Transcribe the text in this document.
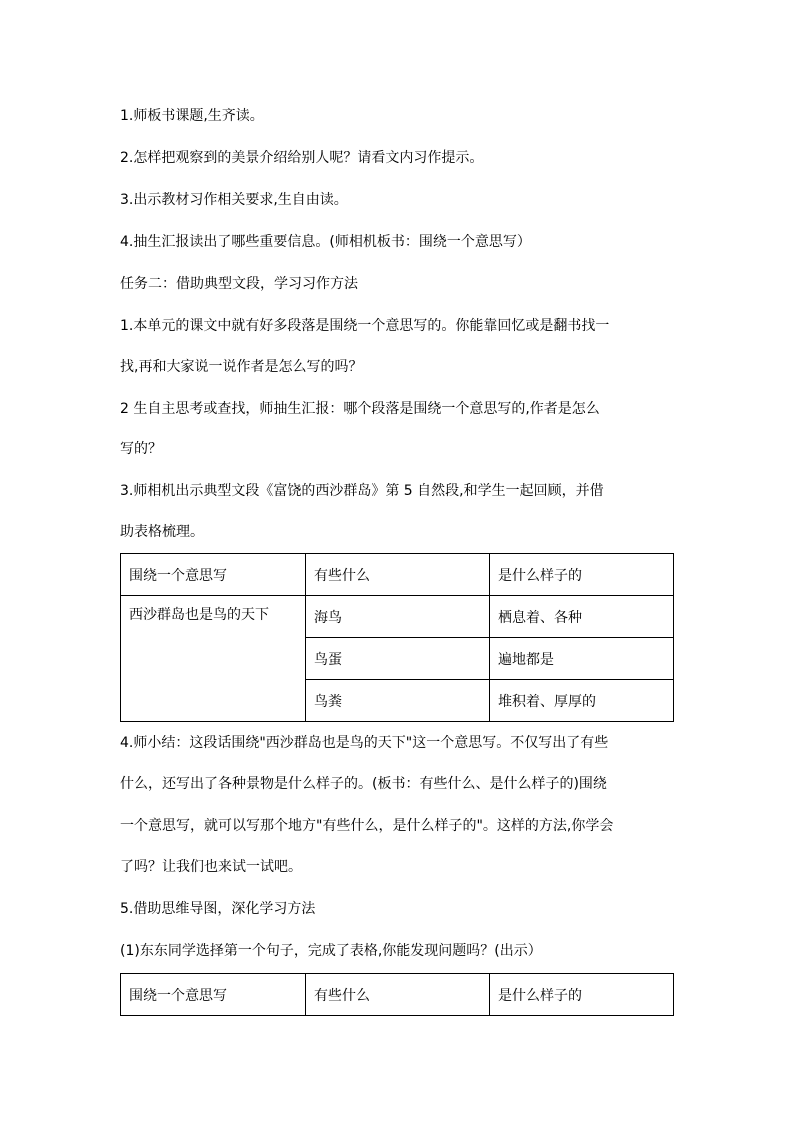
1.师板书课题,生齐读。
2.怎样把观察到的美景介绍给别人呢？请看文内习作提示。
3.出示教材习作相关要求,生自由读。
4.抽生汇报读出了哪些重要信息。(师相机板书：围绕一个意思写）
任务二：借助典型文段，学习习作方法
1.本单元的课文中就有好多段落是围绕一个意思写的。你能靠回忆或是翻书找一
找,再和大家说一说作者是怎么写的吗？
2 生自主思考或查找，师抽生汇报：哪个段落是围绕一个意思写的,作者是怎么
写的？
3.师相机出示典型文段《富饶的西沙群岛》第 5 自然段,和学生一起回顾，并借
助表格梳理。
围绕一个意思写	有些什么	是什么样子的
西沙群岛也是鸟的天下	海鸟	栖息着、各种
	鸟蛋	遍地都是
	鸟粪	堆积着、厚厚的
4.师小结：这段话围绕"西沙群岛也是鸟的天下"这一个意思写。不仅写出了有些
什么，还写出了各种景物是什么样子的。(板书：有些什么、是什么样子的)围绕
一个意思写，就可以写那个地方"有些什么，是什么样子的"。这样的方法,你学会
了吗？让我们也来试一试吧。
5.借助思维导图，深化学习方法
(1)东东同学选择第一个句子，完成了表格,你能发现问题吗？(出示）
围绕一个意思写	有些什么	是什么样子的
